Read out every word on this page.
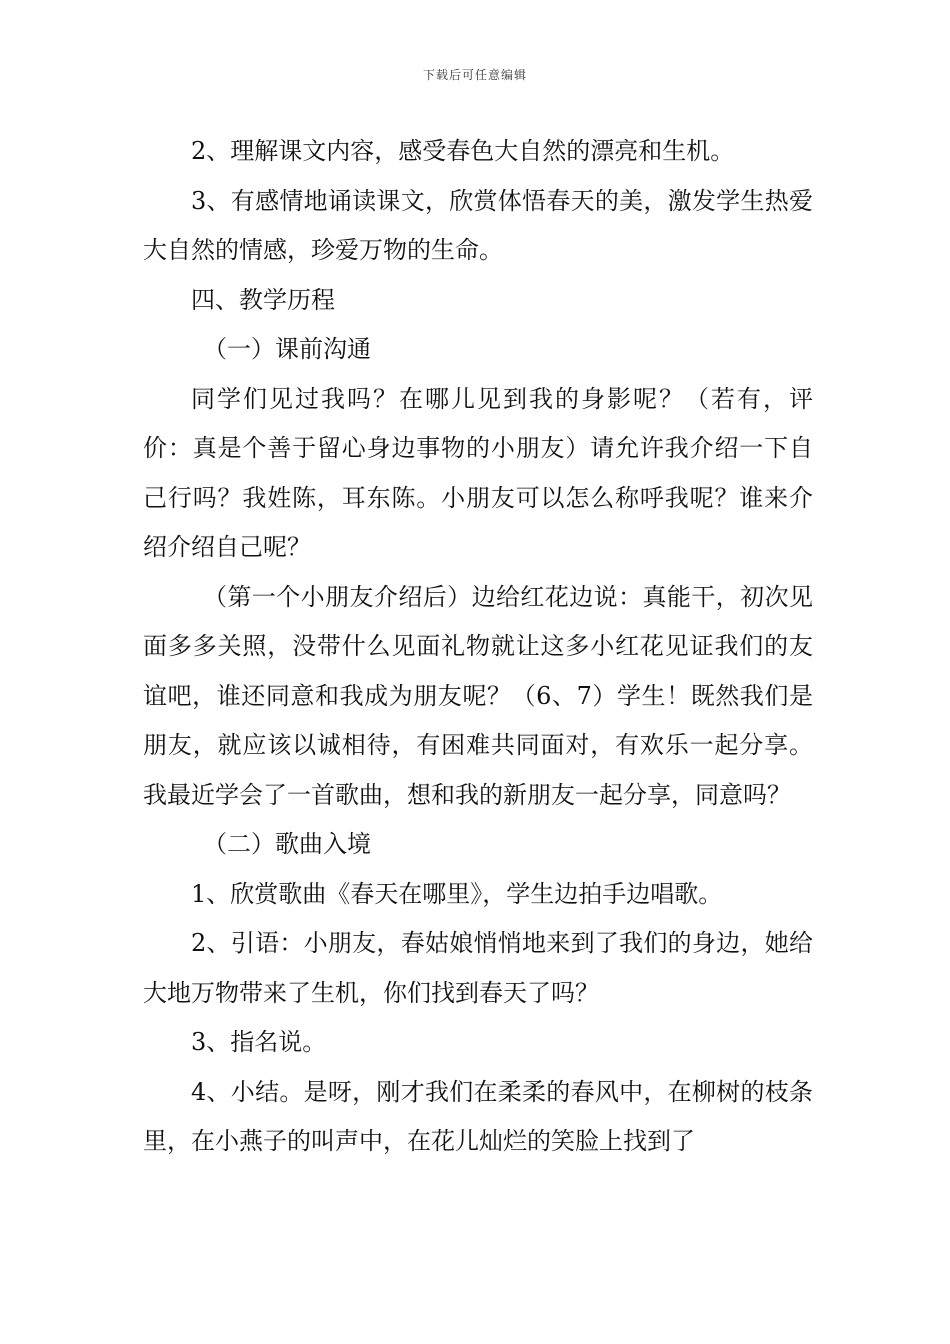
下载后可任意编辑

2、理解课文内容，感受春色大自然的漂亮和生机。

3、有感情地诵读课文，欣赏体悟春天的美，激发学生热爱大自然的情感，珍爱万物的生命。

四、教学历程

（一）课前沟通

同学们见过我吗？在哪儿见到我的身影呢？（若有，评价：真是个善于留心身边事物的小朋友）请允许我介绍一下自己行吗？我姓陈，耳东陈。小朋友可以怎么称呼我呢？谁来介绍介绍自己呢？

（第一个小朋友介绍后）边给红花边说：真能干，初次见面多多关照，没带什么见面礼物就让这多小红花见证我们的友谊吧，谁还同意和我成为朋友呢？（6、7）学生！既然我们是朋友，就应该以诚相待，有困难共同面对，有欢乐一起分享。我最近学会了一首歌曲，想和我的新朋友一起分享，同意吗？

（二）歌曲入境

1、欣赏歌曲《春天在哪里》，学生边拍手边唱歌。

2、引语：小朋友，春姑娘悄悄地来到了我们的身边，她给大地万物带来了生机，你们找到春天了吗？

3、指名说。

4、小结。是呀，刚才我们在柔柔的春风中，在柳树的枝条里，在小燕子的叫声中，在花儿灿烂的笑脸上找到了
